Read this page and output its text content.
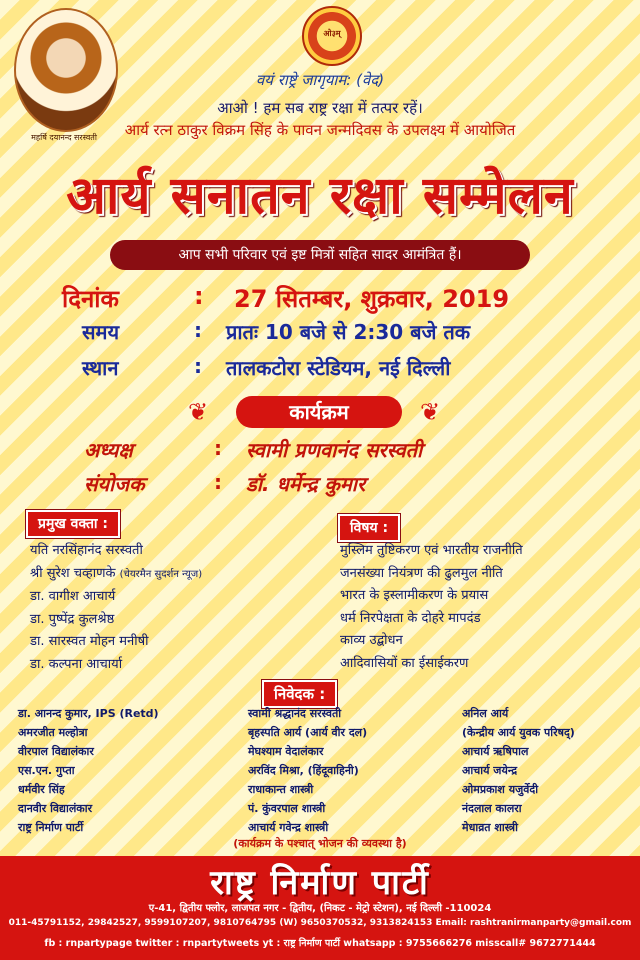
महर्षि दयानन्द सरस्वती
ओ३म्
वयं राष्ट्रे जागृयाम: (वेद)
आओ ! हम सब राष्ट्र रक्षा में तत्पर रहें।
आर्य रत्न ठाकुर विक्रम सिंह के पावन जन्मदिवस के उपलक्ष्य में आयोजित
आर्य सनातन रक्षा सम्मेलन
आप सभी परिवार एवं इष्ट मित्रों सहित सादर आमंत्रित हैं।
दिनांक	: 27 सितम्बर, शुक्रवार, 2019
समय	: प्रातः 10 बजे से 2:30 बजे तक
स्थान	: तालकटोरा स्टेडियम, नई दिल्ली
❦	कार्यक्रम	❦
अध्यक्ष	: स्वामी प्रणवानंद सरस्वती
संयोजक	: डॉ. धर्मेन्द्र कुमार
प्रमुख वक्ता :
यति नरसिंहानंद सरस्वती
श्री सुरेश चव्हाणके (चेयरमैन सुदर्शन न्यूज)
डा. वागीश आचार्य
डा. पुष्पेंद्र कुलश्रेष्ठ
डा. सारस्वत मोहन मनीषी
डा. कल्पना आचार्या
विषय :
मुस्लिम तुष्टिकरण एवं भारतीय राजनीति
जनसंख्या नियंत्रण की ढुलमुल नीति
भारत के इस्लामीकरण के प्रयास
धर्म निरपेक्षता के दोहरे मापदंड
काव्य उद्बोधन
आदिवासियों का ईसाईकरण
निवेदक :
डा. आनन्द कुमार, IPS (Retd)
अमरजीत मल्होत्रा
वीरपाल विद्यालंकार
एस.एन. गुप्ता
धर्मवीर सिंह
दानवीर विद्यालंकार
राष्ट्र निर्माण पार्टी
स्वामी श्रद्धानंद सरस्वती
बृहस्पति आर्य (आर्य वीर दल)
मेघश्याम वेदालंकार
अरविंद मिश्रा, (हिंदूवाहिनी)
राधाकान्त शास्त्री
पं. कुंवरपाल शास्त्री
आचार्य गवेन्द्र शास्त्री
अनिल आर्य
(केन्द्रीय आर्य युवक परिषद्)
आचार्य ऋषिपाल
आचार्य जयेन्द्र
ओमप्रकाश यजुर्वेदी
नंदलाल कालरा
मेधाव्रत शास्त्री
(कार्यक्रम के पश्चात् भोजन की व्यवस्था है)
राष्ट्र निर्माण पार्टी
ए-41, द्वितीय फ्लोर, लाजपत नगर - द्वितीय, (निकट - मेट्रो स्टेशन), नई दिल्ली -110024
011-45791152, 29842527, 9599107207, 9810764795 (W) 9650370532, 9313824153 Email: rashtranirmanparty@gmail.com
fb : rnpartypage twitter : rnpartytweets yt : राष्ट्र निर्माण पार्टी whatsapp : 9755666276 misscall# 9672771444
